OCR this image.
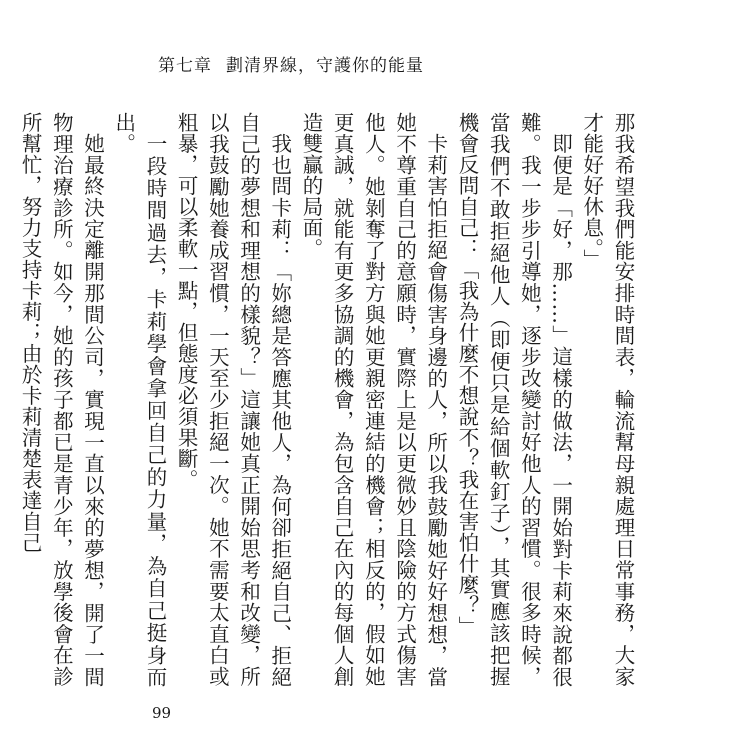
第七章 劃清界線，守護你的能量

那我希望我們能安排時間表，輪流幫母親處理日常事務，大家才能好好休息。」

即便是「好，那……」這樣的做法，一開始對卡莉來說都很難。我一步步引導她，逐步改變討好他人的習慣。很多時候，當我們不敢拒絕他人（即便只是給個軟釘子），其實應該把握機會反問自己：「我為什麼不想說不？我在害怕什麼？」

卡莉害怕拒絕會傷害身邊的人，所以我鼓勵她好好想想，當她不尊重自己的意願時，實際上是以更微妙且陰險的方式傷害他人。她剝奪了對方與她更親密連結的機會；相反的，假如她更真誠，就能有更多協調的機會，為包含自己在內的每個人創造雙贏的局面。

我也問卡莉：「妳總是答應其他人，為何卻拒絕自己、拒絕自己的夢想和理想的樣貌？」這讓她真正開始思考和改變，所以我鼓勵她養成習慣，一天至少拒絕一次。她不需要太直白或粗暴，可以柔軟一點，但態度必須果斷。

一段時間過去，卡莉學會拿回自己的力量，為自己挺身而出。

她最終決定離開那間公司，實現一直以來的夢想，開了一間物理治療診所。如今，她的孩子都已是青少年，放學後會在診所幫忙，努力支持卡莉；由於卡莉清楚表達自己

99
